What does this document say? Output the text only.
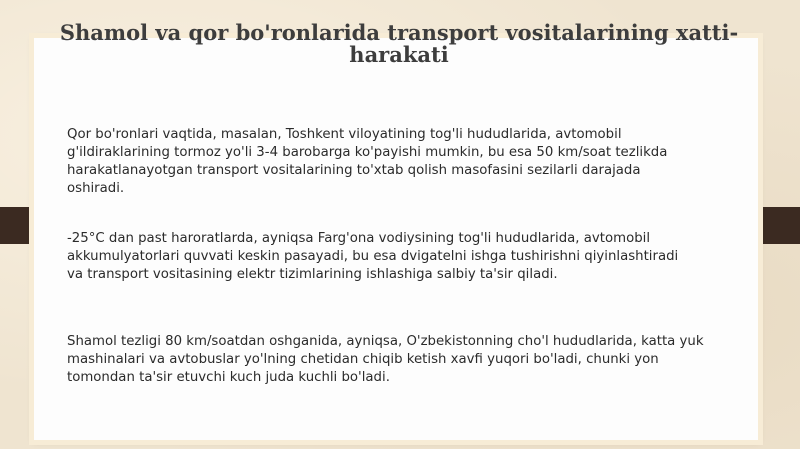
Shamol va qor bo'ronlarida transport vositalarining xatti-
harakati

Qor bo'ronlari vaqtida, masalan, Toshkent viloyatining tog'li hududlarida, avtomobil
g'ildiraklarining tormoz yo'li 3-4 barobarga ko'payishi mumkin, bu esa 50 km/soat tezlikda
harakatlanayotgan transport vositalarining to'xtab qolish masofasini sezilarli darajada
oshiradi.

-25°C dan past haroratlarda, ayniqsa Farg'ona vodiysining tog'li hududlarida, avtomobil
akkumulyatorlari quvvati keskin pasayadi, bu esa dvigatelni ishga tushirishni qiyinlashtiradi
va transport vositasining elektr tizimlarining ishlashiga salbiy ta'sir qiladi.

Shamol tezligi 80 km/soatdan oshganida, ayniqsa, O'zbekistonning cho'l hududlarida, katta yuk
mashinalari va avtobuslar yo'lning chetidan chiqib ketish xavfi yuqori bo'ladi, chunki yon
tomondan ta'sir etuvchi kuch juda kuchli bo'ladi.
